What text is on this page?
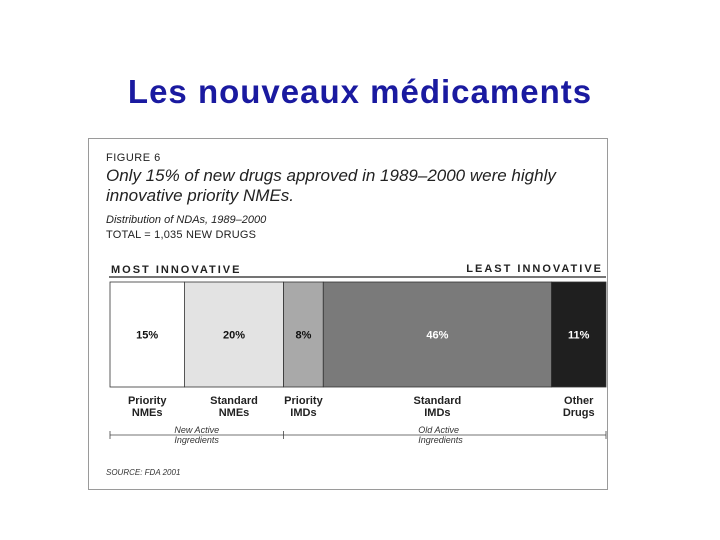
Les nouveaux médicaments
FIGURE 6
Only 15% of new drugs approved in 1989–2000 were highly innovative priority NMEs.
Distribution of NDAs, 1989–2000
TOTAL = 1,035 NEW DRUGS
MOST INNOVATIVE	LEAST INNOVATIVE
15%	20%	8%	46%	11%
Priority
NMEs
Standard
NMEs
Priority
IMDs
Standard
IMDs
Other
Drugs
New Active
Ingredients
Old Active
Ingredients
SOURCE: FDA 2001
